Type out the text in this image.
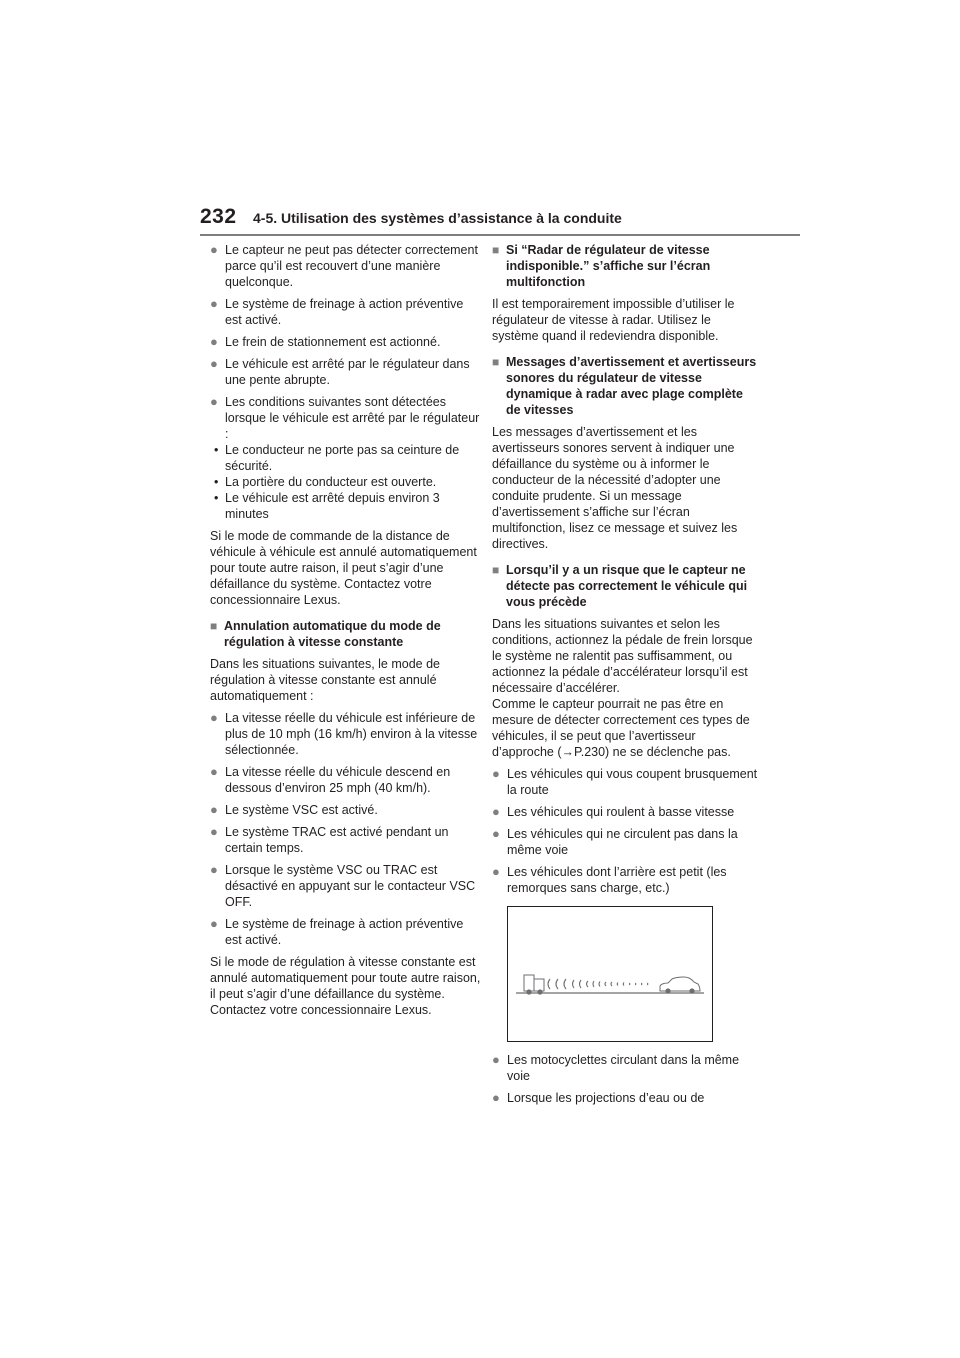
232 4-5. Utilisation des systèmes d’assistance à la conduite
● Le capteur ne peut pas détecter correctement parce qu’il est recouvert d’une manière quelconque.
● Le système de freinage à action préventive est activé.
● Le frein de stationnement est actionné.
● Le véhicule est arrêté par le régulateur dans une pente abrupte.
● Les conditions suivantes sont détectées lorsque le véhicule est arrêté par le régulateur :
• Le conducteur ne porte pas sa ceinture de sécurité.
• La portière du conducteur est ouverte.
• Le véhicule est arrêté depuis environ 3 minutes
Si le mode de commande de la distance de véhicule à véhicule est annulé automatiquement pour toute autre raison, il peut s’agir d’une défaillance du système. Contactez votre concessionnaire Lexus.
■ Annulation automatique du mode de régulation à vitesse constante
Dans les situations suivantes, le mode de régulation à vitesse constante est annulé automatiquement :
● La vitesse réelle du véhicule est inférieure de plus de 10 mph (16 km/h) environ à la vitesse sélectionnée.
● La vitesse réelle du véhicule descend en dessous d’environ 25 mph (40 km/h).
● Le système VSC est activé.
● Le système TRAC est activé pendant un certain temps.
● Lorsque le système VSC ou TRAC est désactivé en appuyant sur le contacteur VSC OFF.
● Le système de freinage à action préventive est activé.
Si le mode de régulation à vitesse constante est annulé automatiquement pour toute autre raison, il peut s’agir d’une défaillance du système. Contactez votre concessionnaire Lexus.
■ Si “Radar de régulateur de vitesse indisponible.” s’affiche sur l’écran multifonction
Il est temporairement impossible d’utiliser le régulateur de vitesse à radar. Utilisez le système quand il redeviendra disponible.
■ Messages d’avertissement et avertisseurs sonores du régulateur de vitesse dynamique à radar avec plage complète de vitesses
Les messages d’avertissement et les avertisseurs sonores servent à indiquer une défaillance du système ou à informer le conducteur de la nécessité d’adopter une conduite prudente. Si un message d’avertissement s’affiche sur l’écran multifonction, lisez ce message et suivez les directives.
■ Lorsqu’il y a un risque que le capteur ne détecte pas correctement le véhicule qui vous précède
Dans les situations suivantes et selon les conditions, actionnez la pédale de frein lorsque le système ne ralentit pas suffisamment, ou actionnez la pédale d’accélérateur lorsqu’il est nécessaire d’accélérer.
Comme le capteur pourrait ne pas être en mesure de détecter correctement ces types de véhicules, il se peut que l’avertisseur d’approche (→P.230) ne se déclenche pas.
● Les véhicules qui vous coupent brusquement la route
● Les véhicules qui roulent à basse vitesse
● Les véhicules qui ne circulent pas dans la même voie
● Les véhicules dont l’arrière est petit (les remorques sans charge, etc.)
● Les motocyclettes circulant dans la même voie
● Lorsque les projections d’eau ou de
